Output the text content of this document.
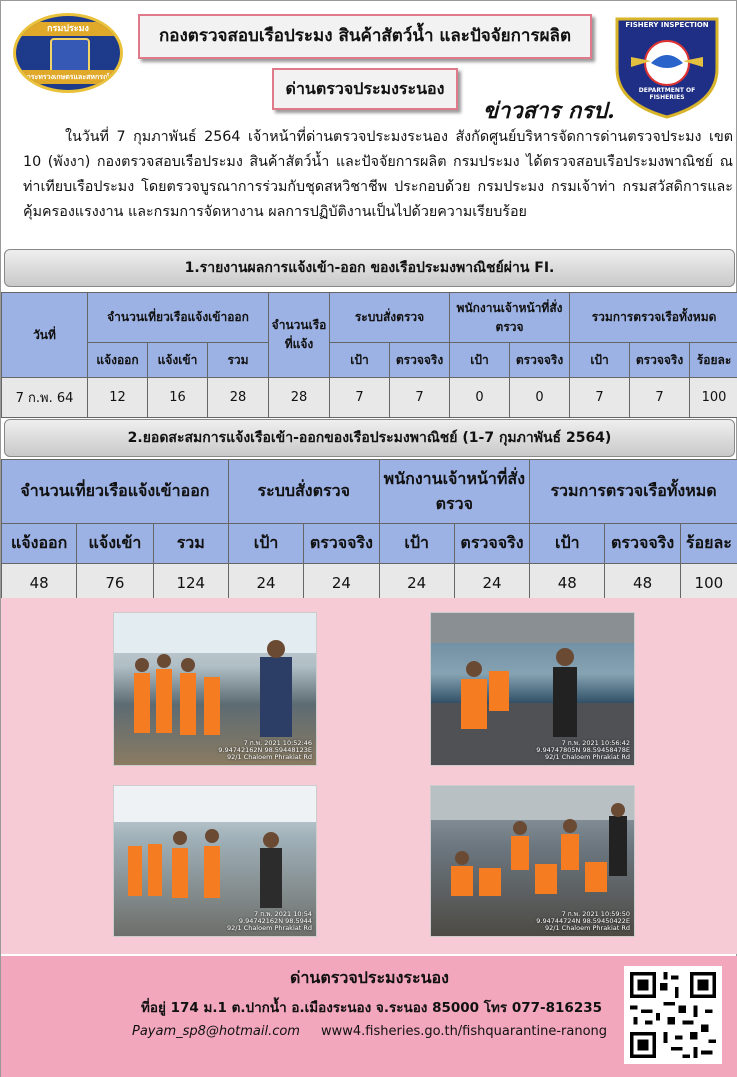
กรมประมง
กระทรวงเกษตรและสหกรณ์
FISHERY INSPECTION
DEPARTMENT OF FISHERIES
กองตรวจสอบเรือประมง สินค้าสัตว์น้ำ และปัจจัยการผลิต
ด่านตรวจประมงระนอง
ข่าวสาร กรป.

ในวันที่ 7 กุมภาพันธ์ 2564 เจ้าหน้าที่ด่านตรวจประมงระนอง สังกัดศูนย์บริหารจัดการด่านตรวจประมง เขต 10 (พังงา) กองตรวจสอบเรือประมง สินค้าสัตว์น้ำ และปัจจัยการผลิต กรมประมง ได้ตรวจสอบเรือประมงพาณิชย์ ณ ท่าเทียบเรือประมง โดยตรวจบูรณาการร่วมกับชุดสหวิชาชีพ ประกอบด้วย กรมประมง กรมเจ้าท่า กรมสวัสดิการและคุ้มครองแรงงาน และกรมการจัดหางาน ผลการปฏิบัติงานเป็นไปด้วยความเรียบร้อย

1.รายงานผลการแจ้งเข้า-ออก ของเรือประมงพาณิชย์ผ่าน FI.
วันที่	จำนวนเที่ยวเรือแจ้งเข้าออก			จำนวนเรือที่แจ้ง	ระบบสั่งตรวจ		พนักงานเจ้าหน้าที่สั่งตรวจ		รวมการตรวจเรือทั้งหมด		
	แจ้งออก	แจ้งเข้า	รวม		เป้า	ตรวจจริง	เป้า	ตรวจจริง	เป้า	ตรวจจริง	ร้อยละ
7 ก.พ. 64	12	16	28	28	7	7	0	0	7	7	100
2.ยอดสะสมการแจ้งเรือเข้า-ออกของเรือประมงพาณิชย์ (1-7 กุมภาพันธ์ 2564)
จำนวนเที่ยวเรือแจ้งเข้าออก			ระบบสั่งตรวจ		พนักงานเจ้าหน้าที่สั่งตรวจ		รวมการตรวจเรือทั้งหมด		
แจ้งออก	แจ้งเข้า	รวม	เป้า	ตรวจจริง	เป้า	ตรวจจริง	เป้า	ตรวจจริง	ร้อยละ
48	76	124	24	24	24	24	48	48	100
7 ก.พ. 2021 10:52:46
9.94742162N 98.59448123E
92/1 Chaloem Phrakiat Rd
7 ก.พ. 2021 10:56:42
9.94747805N 98.59458478E
92/1 Chaloem Phrakiat Rd
7 ก.พ. 2021 10:54
9.94742162N 98.5944
92/1 Chaloem Phrakiat Rd
7 ก.พ. 2021 10:59:50
9.94744724N 98.59450422E
92/1 Chaloem Phrakiat Rd
ด่านตรวจประมงระนอง
ที่อยู่ 174 ม.1 ต.ปากน้ำ อ.เมืองระนอง จ.ระนอง 85000 โทร 077-816235
Payam_sp8@hotmail.com www4.fisheries.go.th/fishquarantine-ranong
